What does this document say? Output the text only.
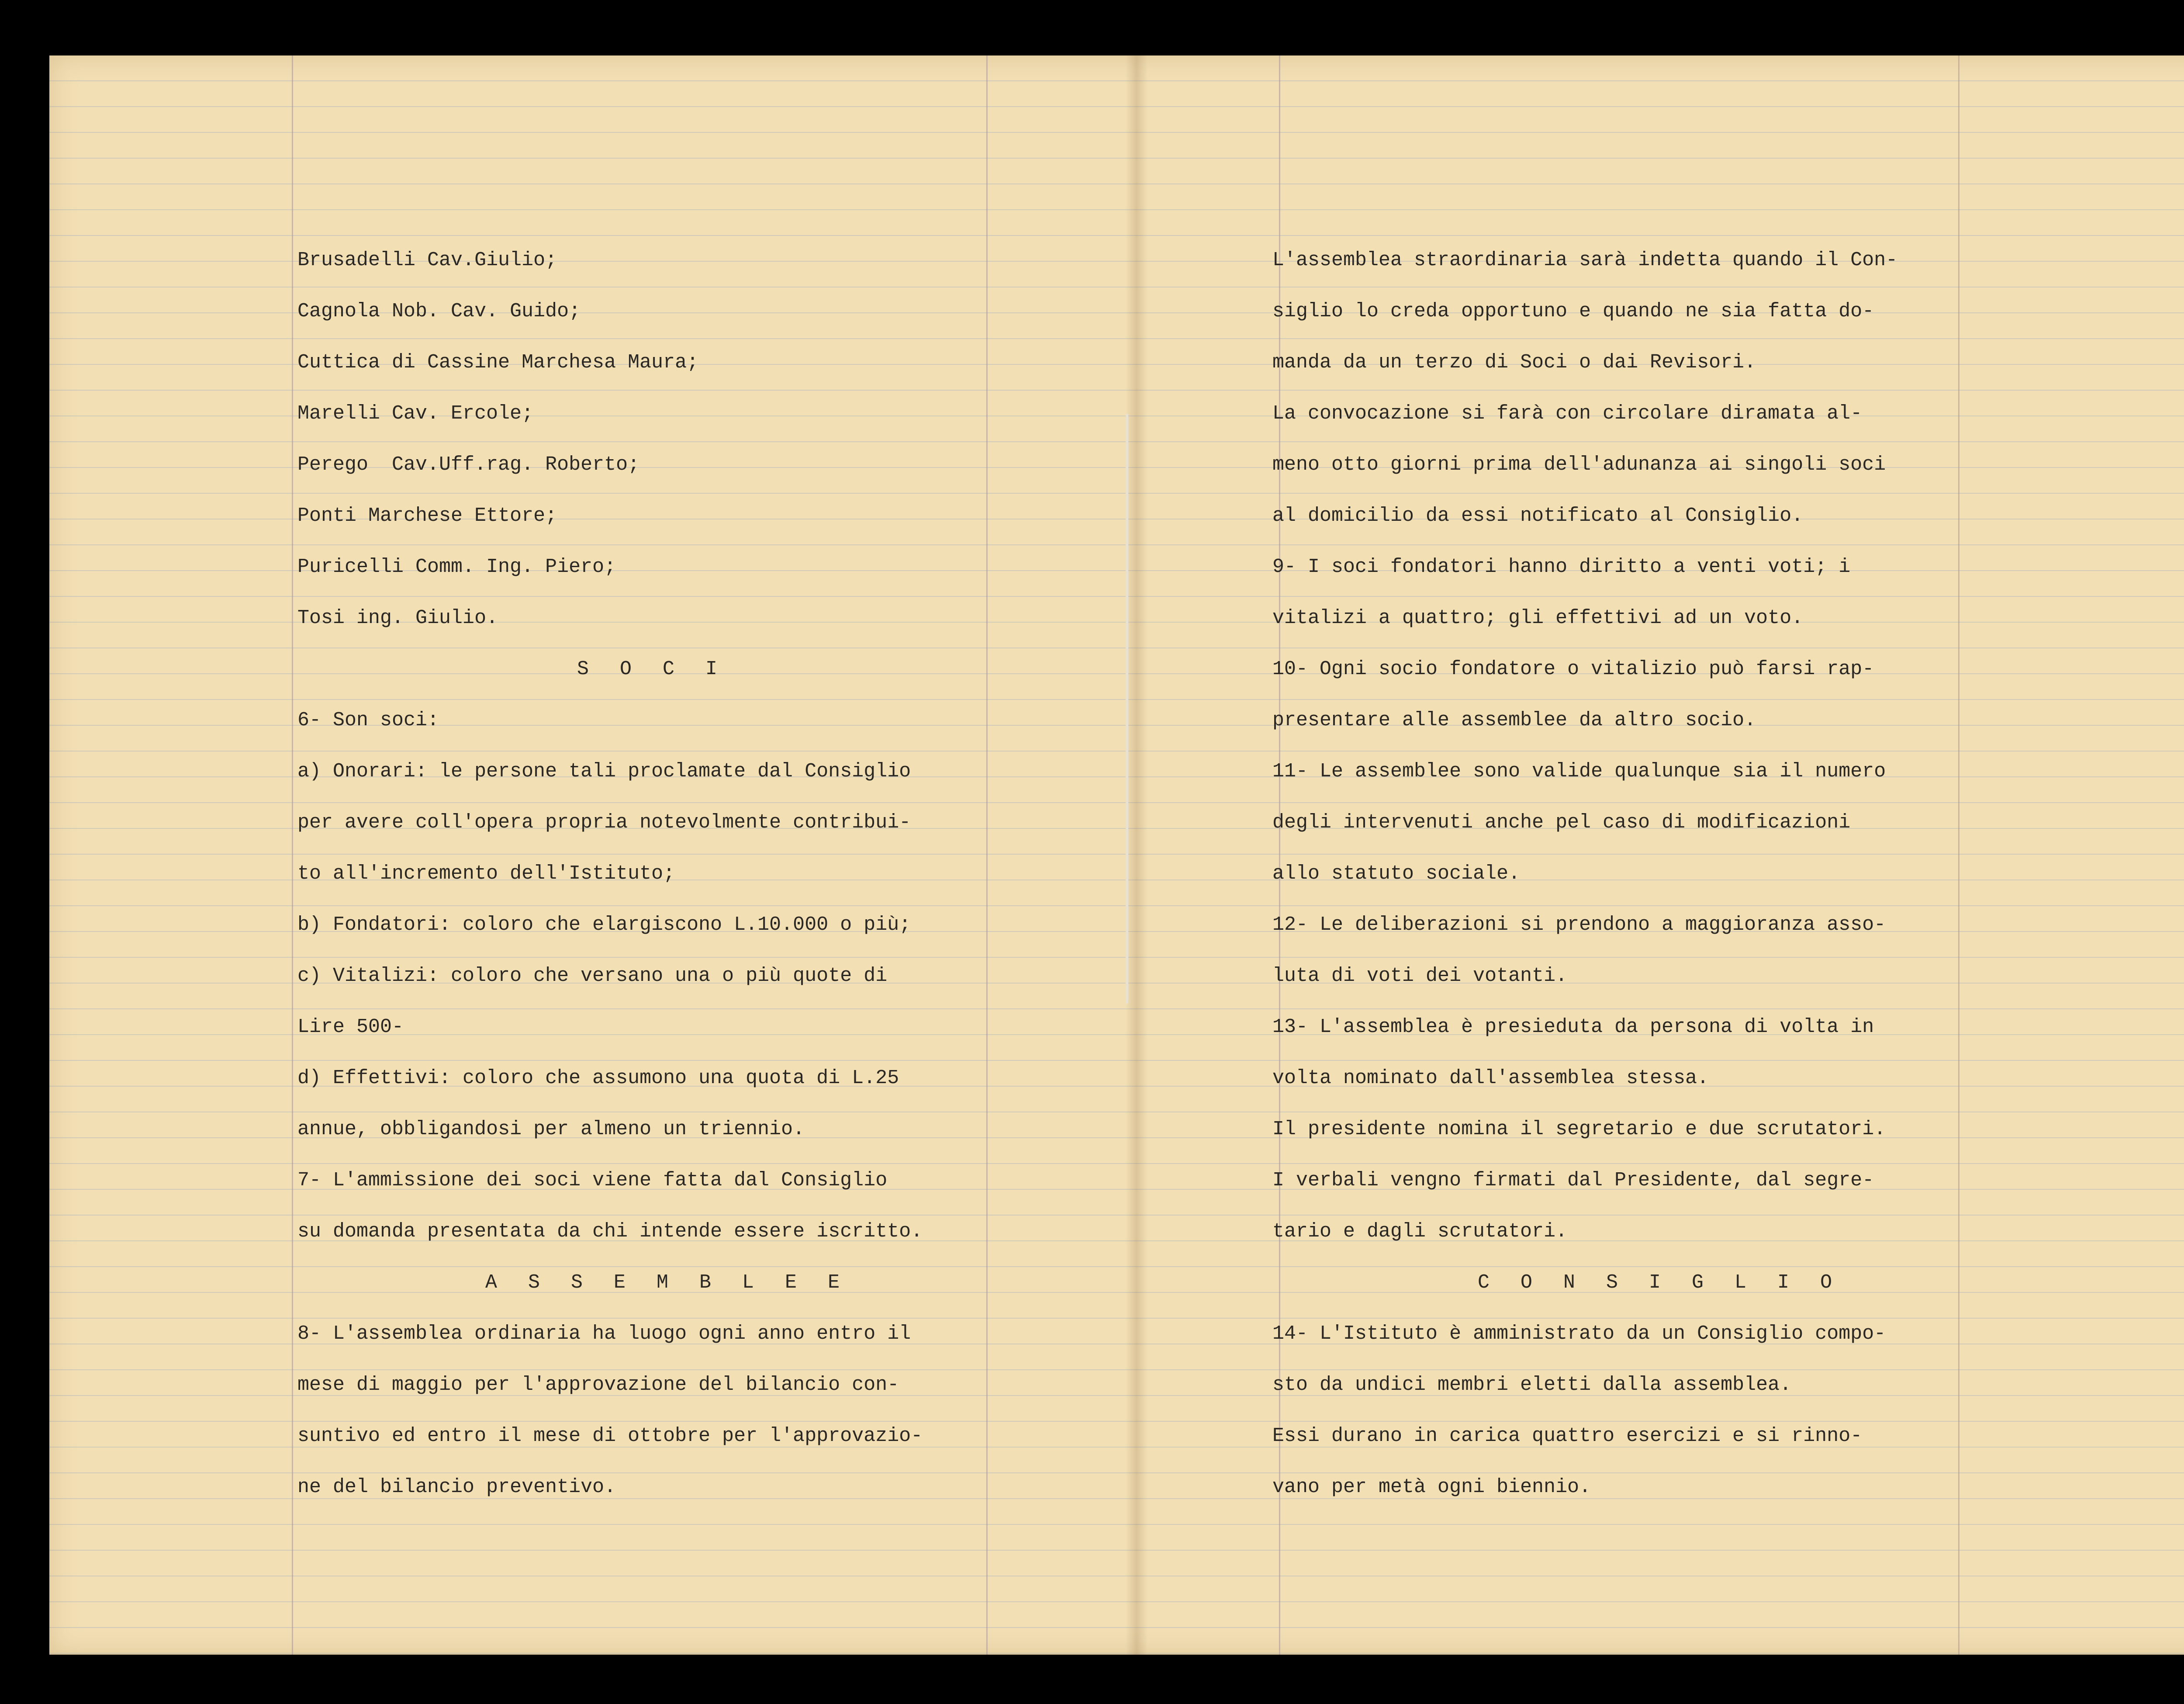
Brusadelli Cav.Giulio;

Cagnola Nob. Cav. Guido;

Cuttica di Cassine Marchesa Maura;

Marelli Cav. Ercole;

Perego  Cav.Uff.rag. Roberto;

Ponti Marchese Ettore;

Puricelli Comm. Ing. Piero;

Tosi ing. Giulio.

S O C I

6- Son soci:

a) Onorari: le persone tali proclamate dal Consiglio

per avere coll'opera propria notevolmente contribui-

to all'incremento dell'Istituto;

b) Fondatori: coloro che elargiscono L.10.000 o più;

c) Vitalizi: coloro che versano una o più quote di

Lire 500-

d) Effettivi: coloro che assumono una quota di L.25

annue, obbligandosi per almeno un triennio.

7- L'ammissione dei soci viene fatta dal Consiglio

su domanda presentata da chi intende essere iscritto.

A S S E M B L E E

8- L'assemblea ordinaria ha luogo ogni anno entro il

mese di maggio per l'approvazione del bilancio con-

suntivo ed entro il mese di ottobre per l'approvazio-

ne del bilancio preventivo.

L'assemblea straordinaria sarà indetta quando il Con-

siglio lo creda opportuno e quando ne sia fatta do-

manda da un terzo di Soci o dai Revisori.

La convocazione si farà con circolare diramata al-

meno otto giorni prima dell'adunanza ai singoli soci

al domicilio da essi notificato al Consiglio.

9- I soci fondatori hanno diritto a venti voti; i

vitalizi a quattro; gli effettivi ad un voto.

10- Ogni socio fondatore o vitalizio può farsi rap-

presentare alle assemblee da altro socio.

11- Le assemblee sono valide qualunque sia il numero

degli intervenuti anche pel caso di modificazioni

allo statuto sociale.

12- Le deliberazioni si prendono a maggioranza asso-

luta di voti dei votanti.

13- L'assemblea è presieduta da persona di volta in

volta nominato dall'assemblea stessa.

Il presidente nomina il segretario e due scrutatori.

I verbali vengno firmati dal Presidente, dal segre-

tario e dagli scrutatori.

C O N S I G L I O

14- L'Istituto è amministrato da un Consiglio compo-

sto da undici membri eletti dalla assemblea.

Essi durano in carica quattro esercizi e si rinno-

vano per metà ogni biennio.
